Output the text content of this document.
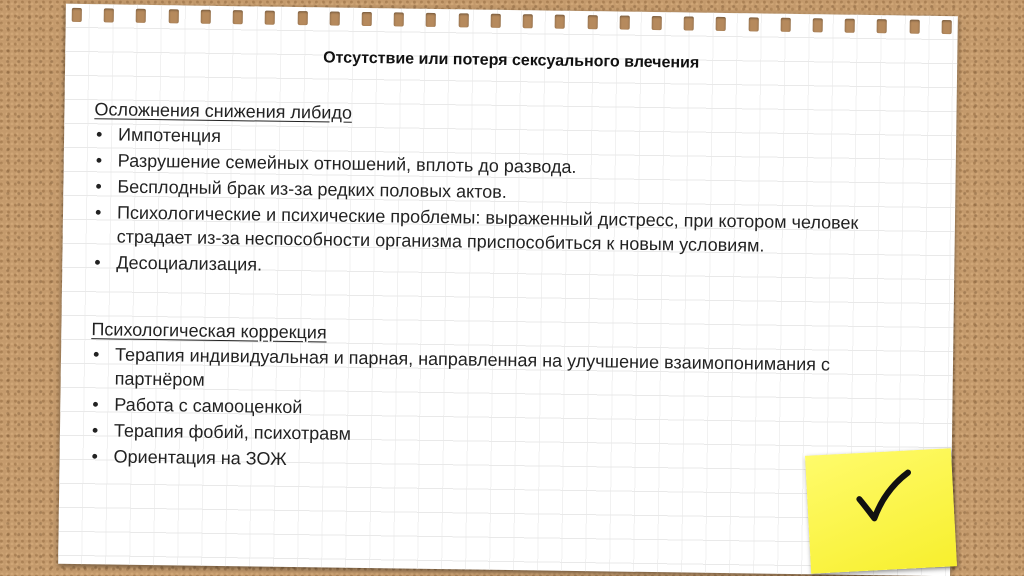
Отсутствие или потеря сексуального влечения
Осложнения снижения либидо
• Импотенция
• Разрушение семейных отношений, вплоть до развода.
• Бесплодный брак из-за редких половых актов.
• Психологические и психические проблемы: выраженный дистресс, при котором человек страдает из-за неспособности организма приспособиться к новым условиям.
• Десоциализация.
Психологическая коррекция
• Терапия индивидуальная и парная, направленная на улучшение взаимопонимания с партнёром
• Работа с самооценкой
• Терапия фобий, психотравм
• Ориентация на ЗОЖ
